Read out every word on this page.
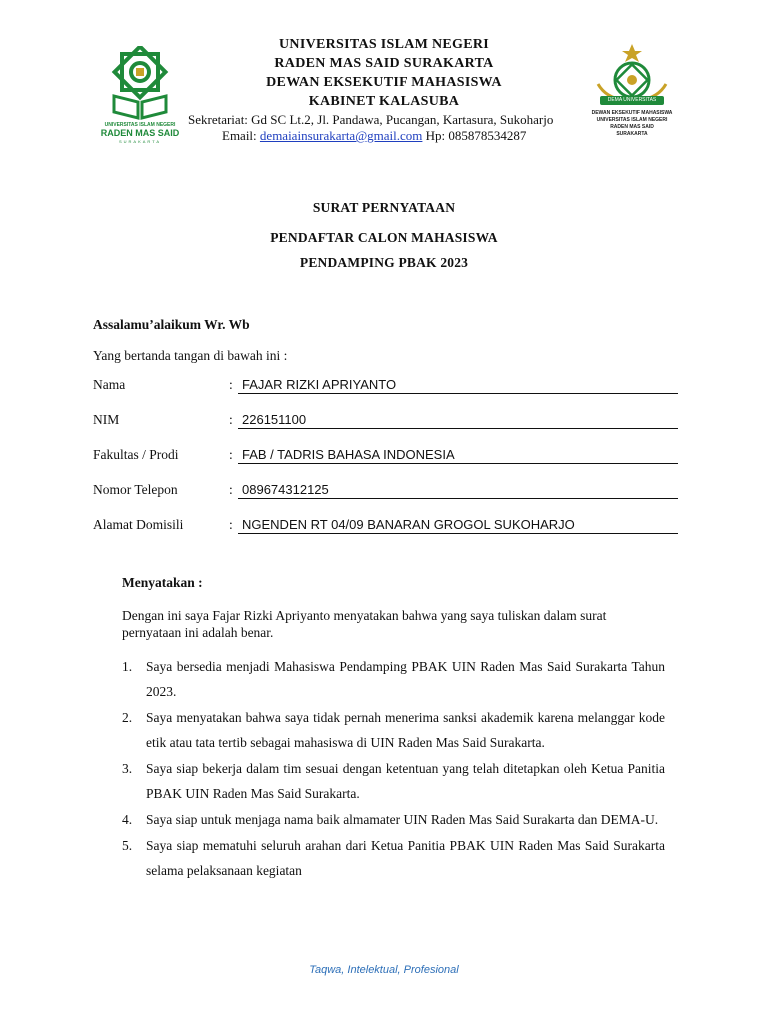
UNIVERSITAS ISLAM NEGERI
RADEN MAS SAID
SURAKARTA
DEMA UNIVERSITAS
DEWAN EKSEKUTIF MAHASISWA
UNIVERSITAS ISLAM NEGERI
RADEN MAS SAID
SURAKARTA
UNIVERSITAS ISLAM NEGERI
RADEN MAS SAID SURAKARTA
DEWAN EKSEKUTIF MAHASISWA
KABINET KALASUBA
Sekretariat: Gd SC Lt.2, Jl. Pandawa, Pucangan, Kartasura, Sukoharjo
Email: demaiainsurakarta@gmail.com Hp: 085878534287
SURAT PERNYATAAN
PENDAFTAR CALON MAHASISWA
PENDAMPING PBAK 2023
Assalamu’alaikum Wr. Wb
Yang bertanda tangan di bawah ini :
Nama	: FAJAR RIZKI APRIYANTO
NIM	: 226151100
Fakultas / Prodi	: FAB / TADRIS BAHASA INDONESIA
Nomor Telepon	: 089674312125
Alamat Domisili	: NGENDEN RT 04/09 BANARAN GROGOL SUKOHARJO
Menyatakan :
Dengan ini saya Fajar Rizki Apriyanto menyatakan bahwa yang saya tuliskan dalam surat
pernyataan ini adalah benar.
1. Saya bersedia menjadi Mahasiswa Pendamping PBAK UIN Raden Mas Said Surakarta Tahun 2023.
2. Saya menyatakan bahwa saya tidak pernah menerima sanksi akademik karena melanggar kode etik atau tata tertib sebagai mahasiswa di UIN Raden Mas Said Surakarta.
3. Saya siap bekerja dalam tim sesuai dengan ketentuan yang telah ditetapkan oleh Ketua Panitia PBAK UIN Raden Mas Said Surakarta.
4. Saya siap untuk menjaga nama baik almamater UIN Raden Mas Said Surakarta dan DEMA-U.
5. Saya siap mematuhi seluruh arahan dari Ketua Panitia PBAK UIN Raden Mas Said Surakarta selama pelaksanaan kegiatan
Taqwa, Intelektual, Profesional
